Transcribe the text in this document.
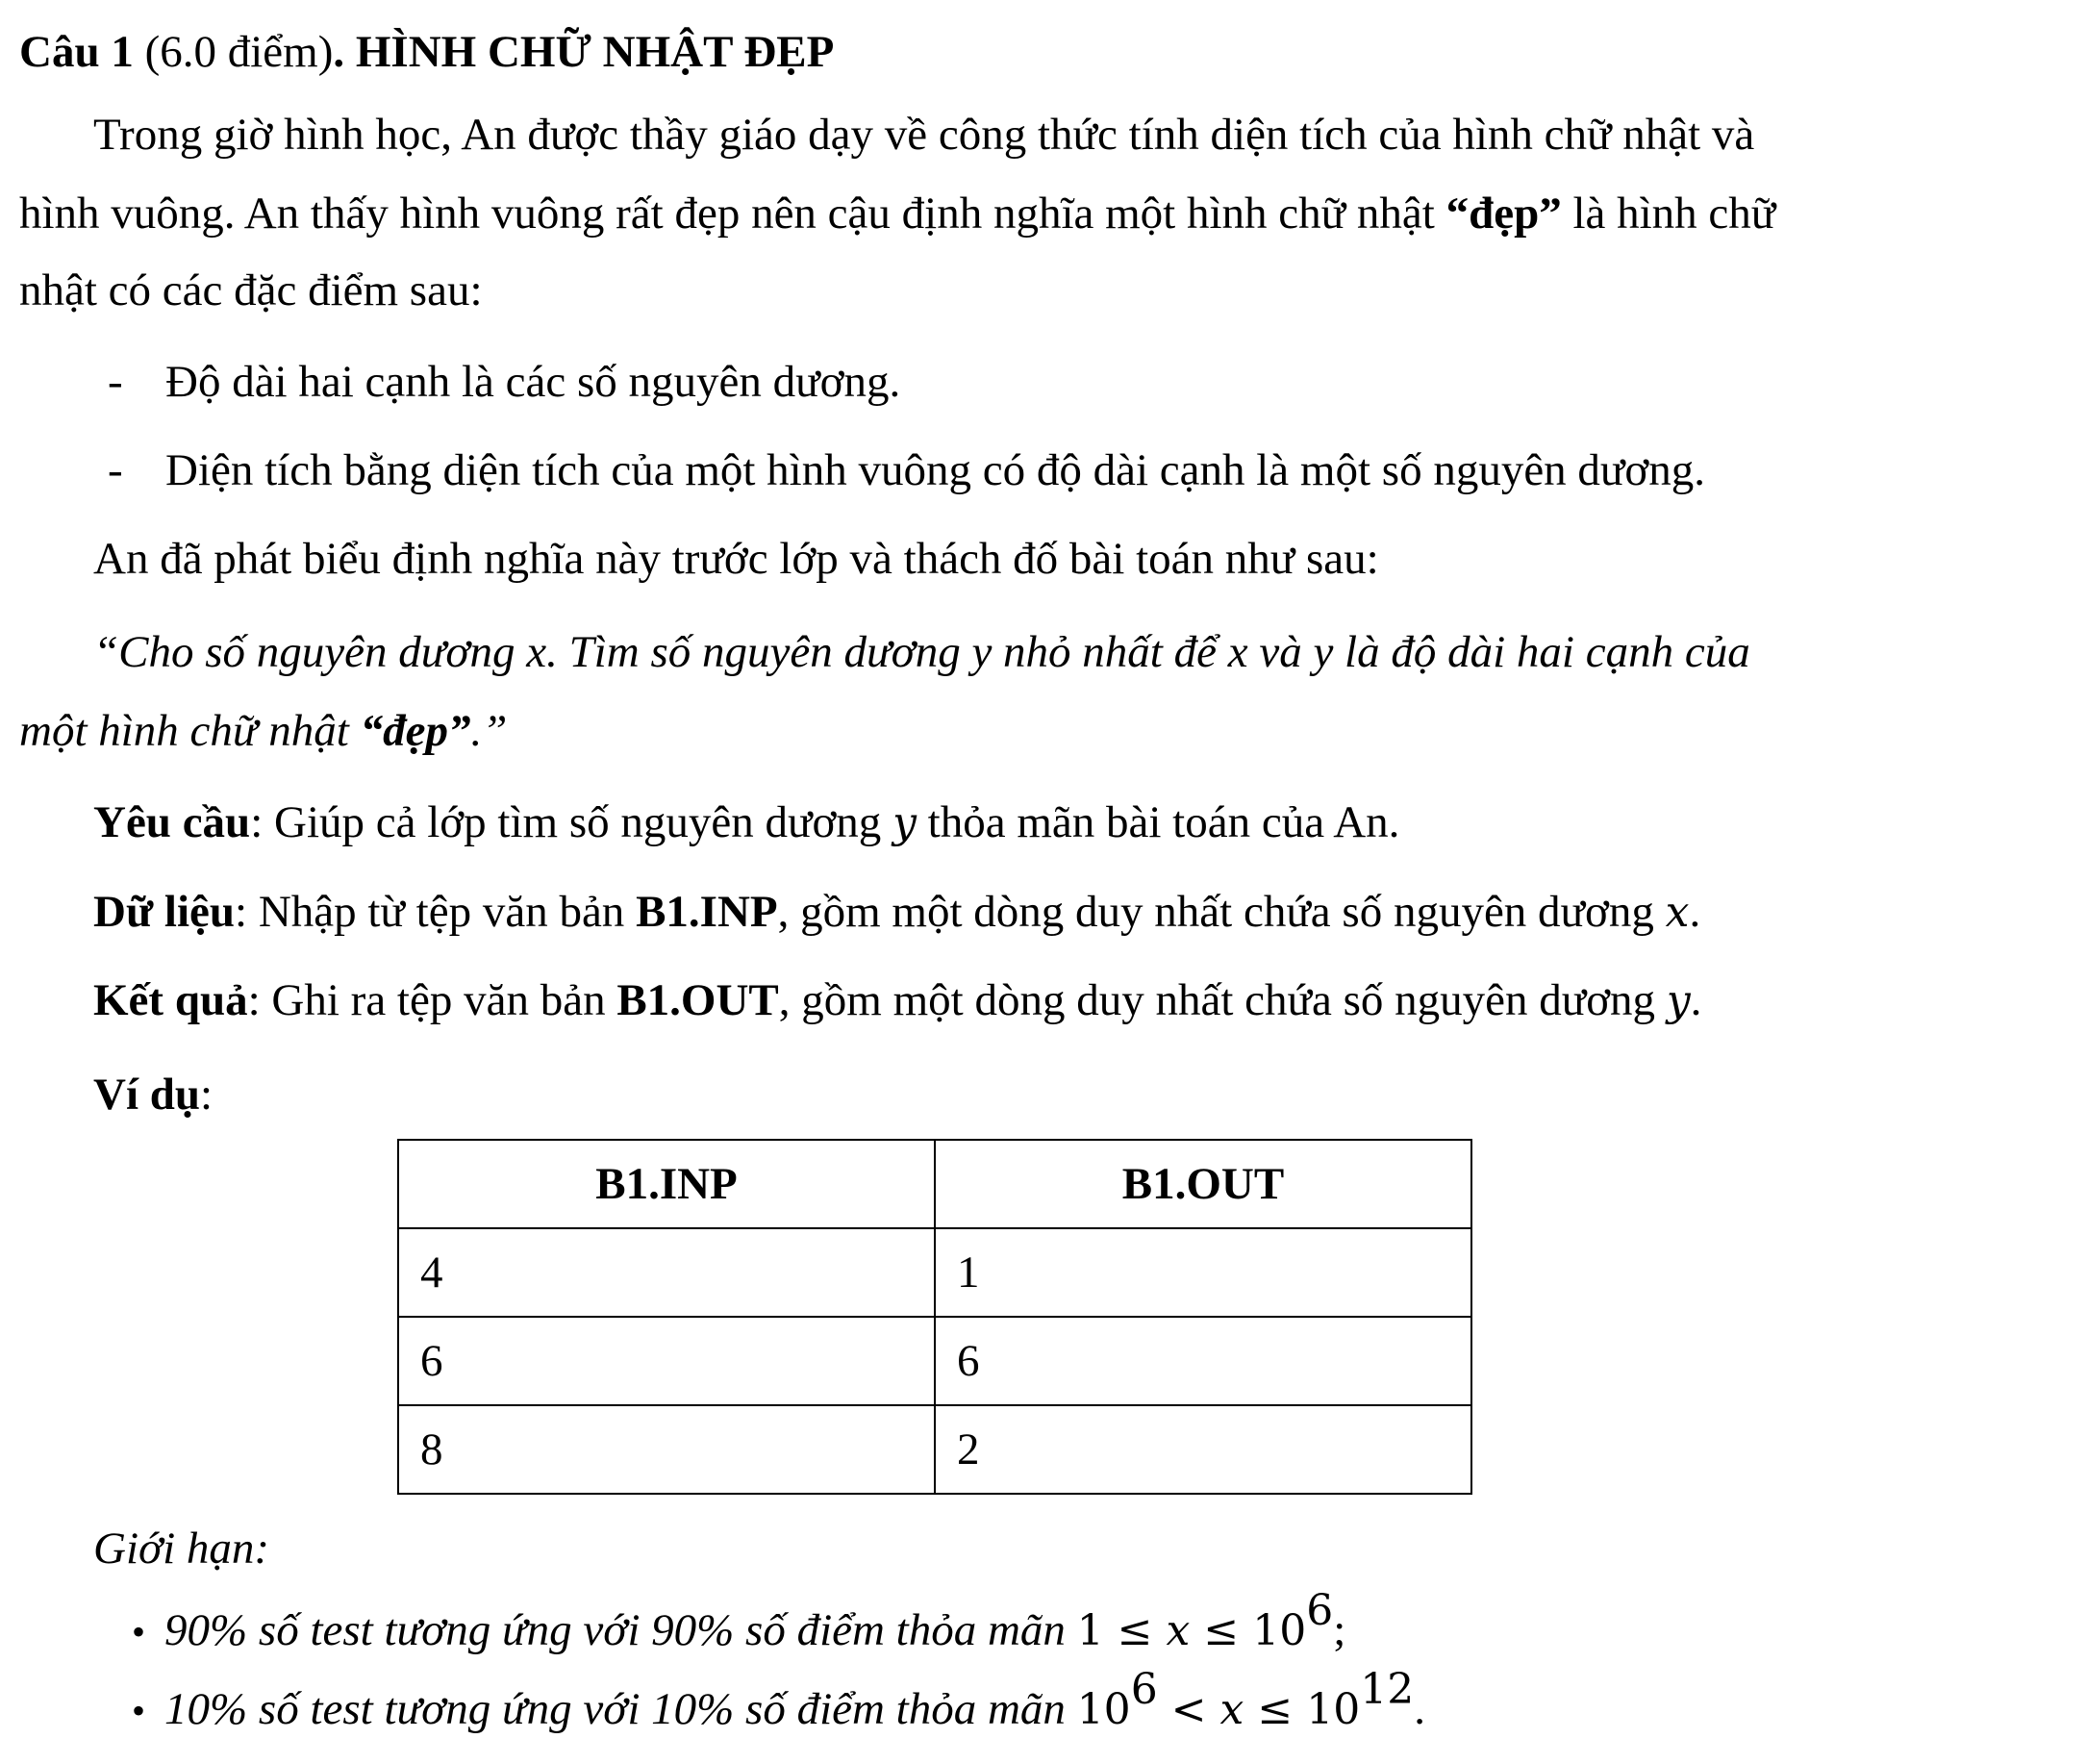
Câu 1 (6.0 điểm). HÌNH CHỮ NHẬT ĐẸP
Trong giờ hình học, An được thầy giáo dạy về công thức tính diện tích của hình chữ nhật và
hình vuông. An thấy hình vuông rất đẹp nên cậu định nghĩa một hình chữ nhật “đẹp” là hình chữ
nhật có các đặc điểm sau:
- Độ dài hai cạnh là các số nguyên dương.
- Diện tích bằng diện tích của một hình vuông có độ dài cạnh là một số nguyên dương.
An đã phát biểu định nghĩa này trước lớp và thách đố bài toán như sau:
“Cho số nguyên dương x. Tìm số nguyên dương y nhỏ nhất để x và y là độ dài hai cạnh của
một hình chữ nhật “đẹp”.”
Yêu cầu: Giúp cả lớp tìm số nguyên dương y thỏa mãn bài toán của An.
Dữ liệu: Nhập từ tệp văn bản B1.INP, gồm một dòng duy nhất chứa số nguyên dương x.
Kết quả: Ghi ra tệp văn bản B1.OUT, gồm một dòng duy nhất chứa số nguyên dương y.
Ví dụ:
B1.INP	B1.OUT
4	1
6	6
8	2
Giới hạn:
• 90% số test tương ứng với 90% số điểm thỏa mãn $1 \le x \le 10^6$;
• 10% số test tương ứng với 10% số điểm thỏa mãn $10^6 < x \le 10^{12}$.
